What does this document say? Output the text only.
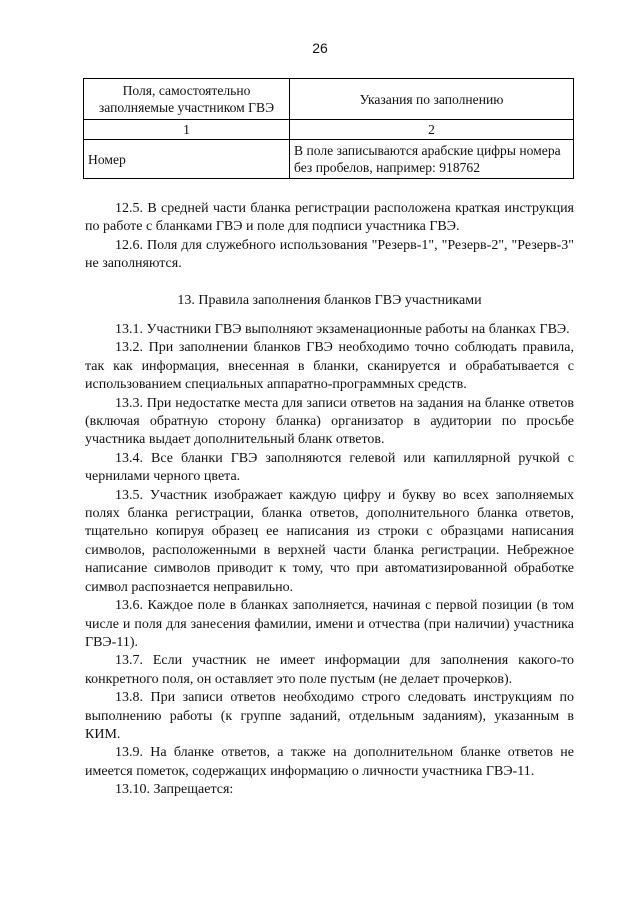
26
Поля, самостоятельно заполняемые участником ГВЭ	Указания по заполнению
1	2
Номер	В поле записываются арабские цифры номера без пробелов, например: 918762

12.5. В средней части бланка регистрации расположена краткая инструкция по работе с бланками ГВЭ и поле для подписи участника ГВЭ.

12.6. Поля для служебного использования "Резерв-1", "Резерв-2", "Резерв-3" не заполняются.

13. Правила заполнения бланков ГВЭ участниками

13.1. Участники ГВЭ выполняют экзаменационные работы на бланках ГВЭ.

13.2. При заполнении бланков ГВЭ необходимо точно соблюдать правила, так как информация, внесенная в бланки, сканируется и обрабатывается с использованием специальных аппаратно-программных средств.

13.3. При недостатке места для записи ответов на задания на бланке ответов (включая обратную сторону бланка) организатор в аудитории по просьбе участника выдает дополнительный бланк ответов.

13.4. Все бланки ГВЭ заполняются гелевой или капиллярной ручкой с чернилами черного цвета.

13.5. Участник изображает каждую цифру и букву во всех заполняемых полях бланка регистрации, бланка ответов, дополнительного бланка ответов, тщательно копируя образец ее написания из строки с образцами написания символов, расположенными в верхней части бланка регистрации. Небрежное написание символов приводит к тому, что при автоматизированной обработке символ распознается неправильно.

13.6. Каждое поле в бланках заполняется, начиная с первой позиции (в том числе и поля для занесения фамилии, имени и отчества (при наличии) участника ГВЭ-11).

13.7. Если участник не имеет информации для заполнения какого-то конкретного поля, он оставляет это поле пустым (не делает прочерков).

13.8. При записи ответов необходимо строго следовать инструкциям по выполнению работы (к группе заданий, отдельным заданиям), указанным в КИМ.

13.9. На бланке ответов, а также на дополнительном бланке ответов не имеется пометок, содержащих информацию о личности участника ГВЭ-11.

13.10. Запрещается:
